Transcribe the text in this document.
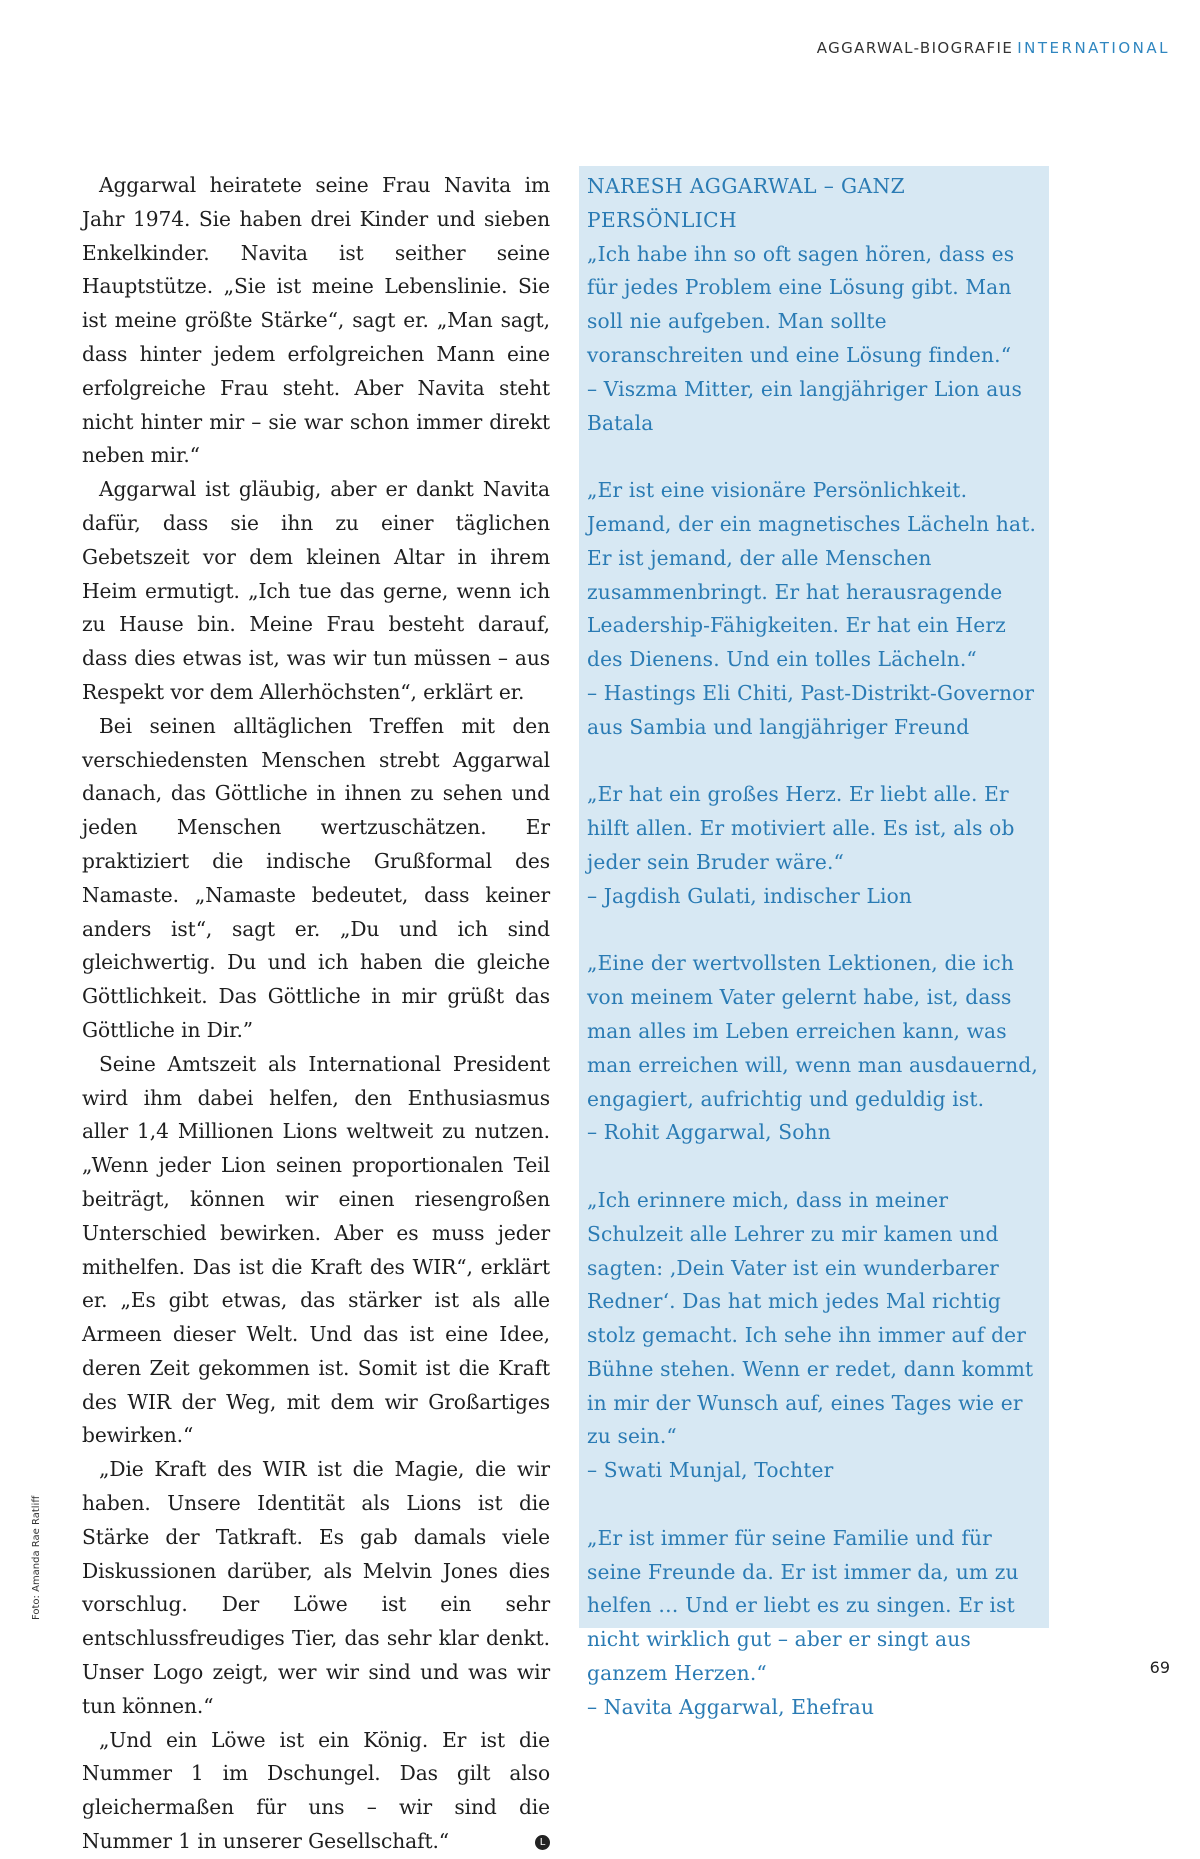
AGGARWAL-BIOGRAFIE INTERNATIONAL

Aggarwal heiratete seine Frau Navita im Jahr 1974. Sie haben drei Kinder und sieben Enkelkinder. Navita ist seither seine Hauptstütze. „Sie ist meine Lebenslinie. Sie ist meine größte Stärke“, sagt er. „Man sagt, dass hinter jedem erfolgreichen Mann eine erfolgreiche Frau steht. Aber Navita steht nicht hinter mir – sie war schon immer direkt neben mir.“

Aggarwal ist gläubig, aber er dankt Navita dafür, dass sie ihn zu einer täglichen Gebetszeit vor dem kleinen Altar in ihrem Heim ermutigt. „Ich tue das gerne, wenn ich zu Hause bin. Meine Frau besteht darauf, dass dies etwas ist, was wir tun müssen – aus Respekt vor dem Allerhöchsten“, erklärt er.

Bei seinen alltäglichen Treffen mit den verschiedensten Menschen strebt Aggarwal danach, das Göttliche in ihnen zu sehen und jeden Menschen wertzuschätzen. Er praktiziert die indische Grußformal des Namaste. „Namaste bedeutet, dass keiner anders ist“, sagt er. „Du und ich sind gleichwertig. Du und ich haben die gleiche Göttlichkeit. Das Göttliche in mir grüßt das Göttliche in Dir.”

Seine Amtszeit als International President wird ihm dabei helfen, den Enthusiasmus aller 1,4 Millionen Lions weltweit zu nutzen. „Wenn jeder Lion seinen proportionalen Teil beiträgt, können wir einen riesengroßen Unterschied bewirken. Aber es muss jeder mithelfen. Das ist die Kraft des WIR“, erklärt er. „Es gibt etwas, das stärker ist als alle Armeen dieser Welt. Und das ist eine Idee, deren Zeit gekommen ist. Somit ist die Kraft des WIR der Weg, mit dem wir Großartiges bewirken.“

„Die Kraft des WIR ist die Magie, die wir haben. Unsere Identität als Lions ist die Stärke der Tatkraft. Es gab damals viele Diskussionen darüber, als Melvin Jones dies vorschlug. Der Löwe ist ein sehr entschlussfreudiges Tier, das sehr klar denkt. Unser Logo zeigt, wer wir sind und was wir tun können.“

„Und ein Löwe ist ein König. Er ist die Nummer 1 im Dschungel. Das gilt also gleichermaßen für uns – wir sind die Nummer 1 in unserer Gesellschaft.“	L

NARESH AGGARWAL – GANZ PERSÖNLICH

„Ich habe ihn so oft sagen hören, dass es für jedes Problem eine Lösung gibt. Man soll nie aufgeben. Man sollte voranschreiten und eine Lösung finden.“

– Viszma Mitter, ein langjähriger Lion aus Batala

„Er ist eine visionäre Persönlichkeit. Jemand, der ein magnetisches Lächeln hat. Er ist jemand, der alle Menschen zusammenbringt. Er hat herausragende Leadership-Fähigkeiten. Er hat ein Herz des Dienens. Und ein tolles Lächeln.“

– Hastings Eli Chiti, Past-Distrikt-Governor aus Sambia und langjähriger Freund

„Er hat ein großes Herz. Er liebt alle. Er hilft allen. Er motiviert alle. Es ist, als ob jeder sein Bruder wäre.“

– Jagdish Gulati, indischer Lion

„Eine der wertvollsten Lektionen, die ich von meinem Vater gelernt habe, ist, dass man alles im Leben erreichen kann, was man erreichen will, wenn man ausdauernd, engagiert, aufrichtig und geduldig ist.

– Rohit Aggarwal, Sohn

„Ich erinnere mich, dass in meiner Schulzeit alle Lehrer zu mir kamen und sagten: ‚Dein Vater ist ein wunderbarer Redner‘. Das hat mich jedes Mal richtig stolz gemacht. Ich sehe ihn immer auf der Bühne stehen. Wenn er redet, dann kommt in mir der Wunsch auf, eines Tages wie er zu sein.“

– Swati Munjal, Tochter

„Er ist immer für seine Familie und für seine Freunde da. Er ist immer da, um zu helfen … Und er liebt es zu singen. Er ist nicht wirklich gut – aber er singt aus ganzem Herzen.“

– Navita Aggarwal, Ehefrau

Foto: Amanda Rae Ratliff
69
